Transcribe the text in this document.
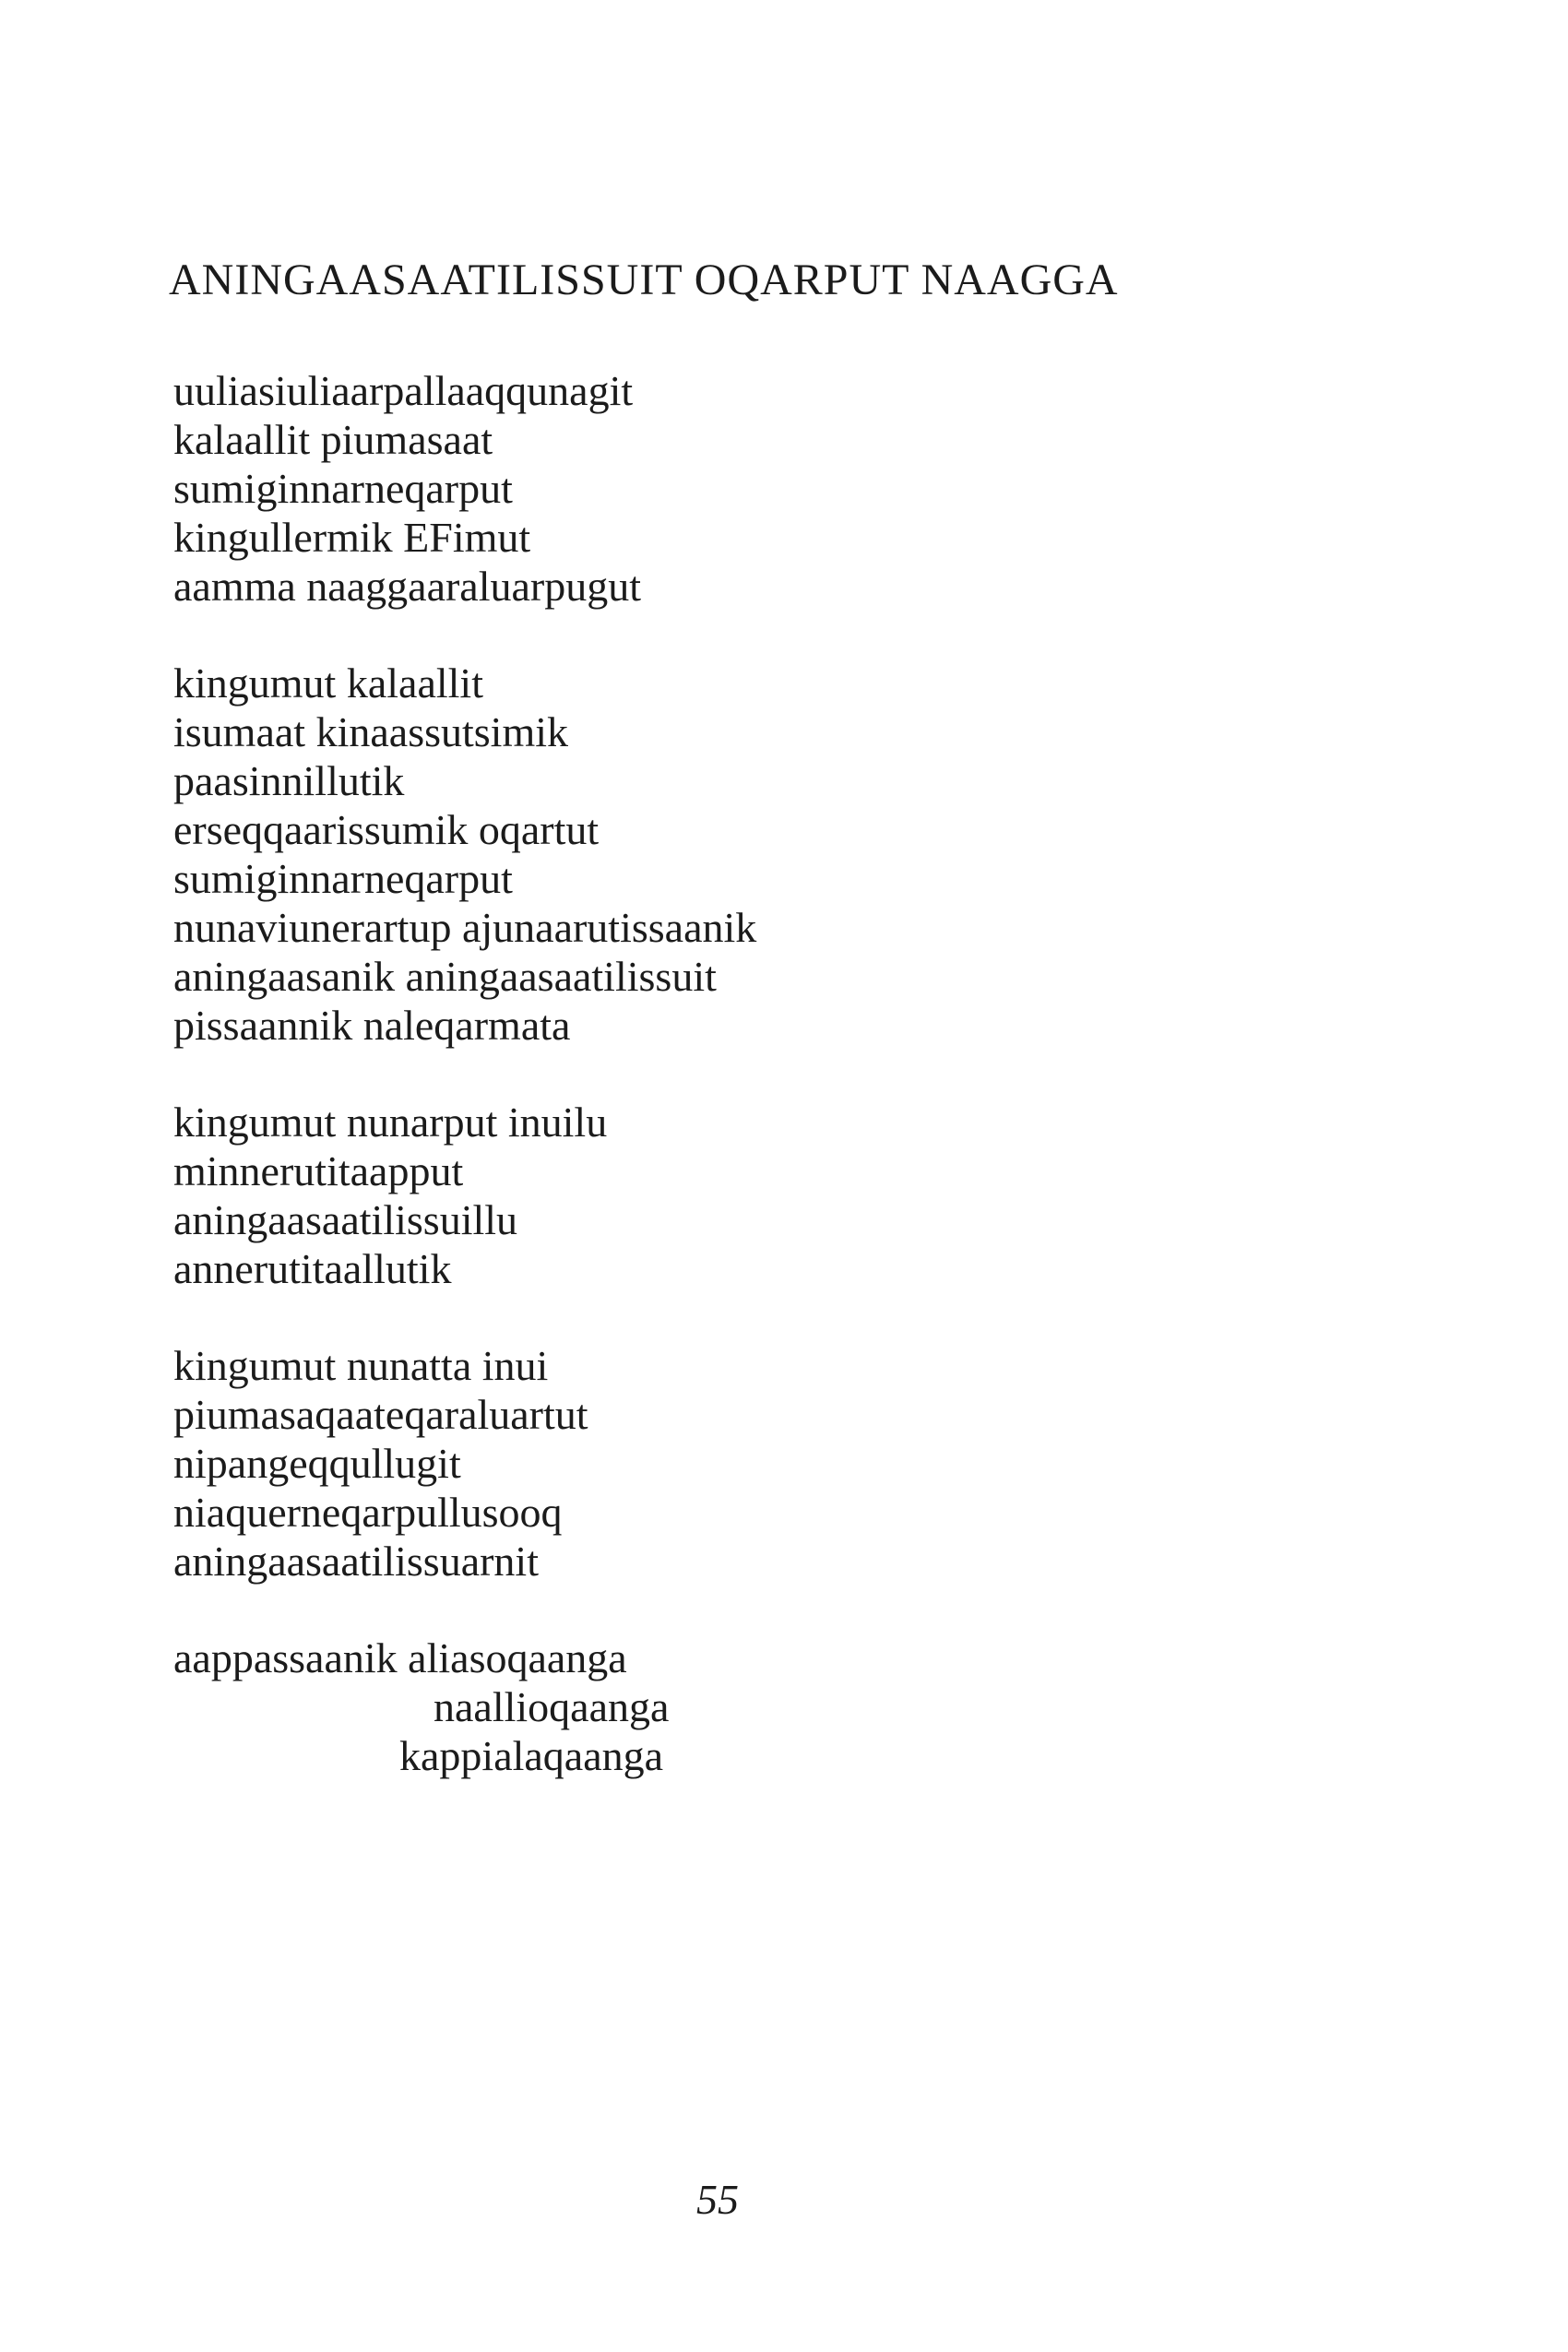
ANINGAASAATILISSUIT OQARPUT NAAGGA
uuliasiuliaarpallaaqqunagit
kalaallit piumasaat
sumiginnarneqarput
kingullermik EFimut
aamma naaggaaraluarpugut
kingumut kalaallit
isumaat kinaassutsimik
paasinnillutik
erseqqaarissumik oqartut
sumiginnarneqarput
nunaviunerartup ajunaarutissaanik
aningaasanik aningaasaatilissuit
pissaannik naleqarmata
kingumut nunarput inuilu
minnerutitaapput
aningaasaatilissuillu
annerutitaallutik
kingumut nunatta inui
piumasaqaateqaraluartut
nipangeqqullugit
niaquerneqarpullusooq
aningaasaatilissuarnit
aappassaanik aliasoqaanga
naallioqaanga
kappialaqaanga
55
